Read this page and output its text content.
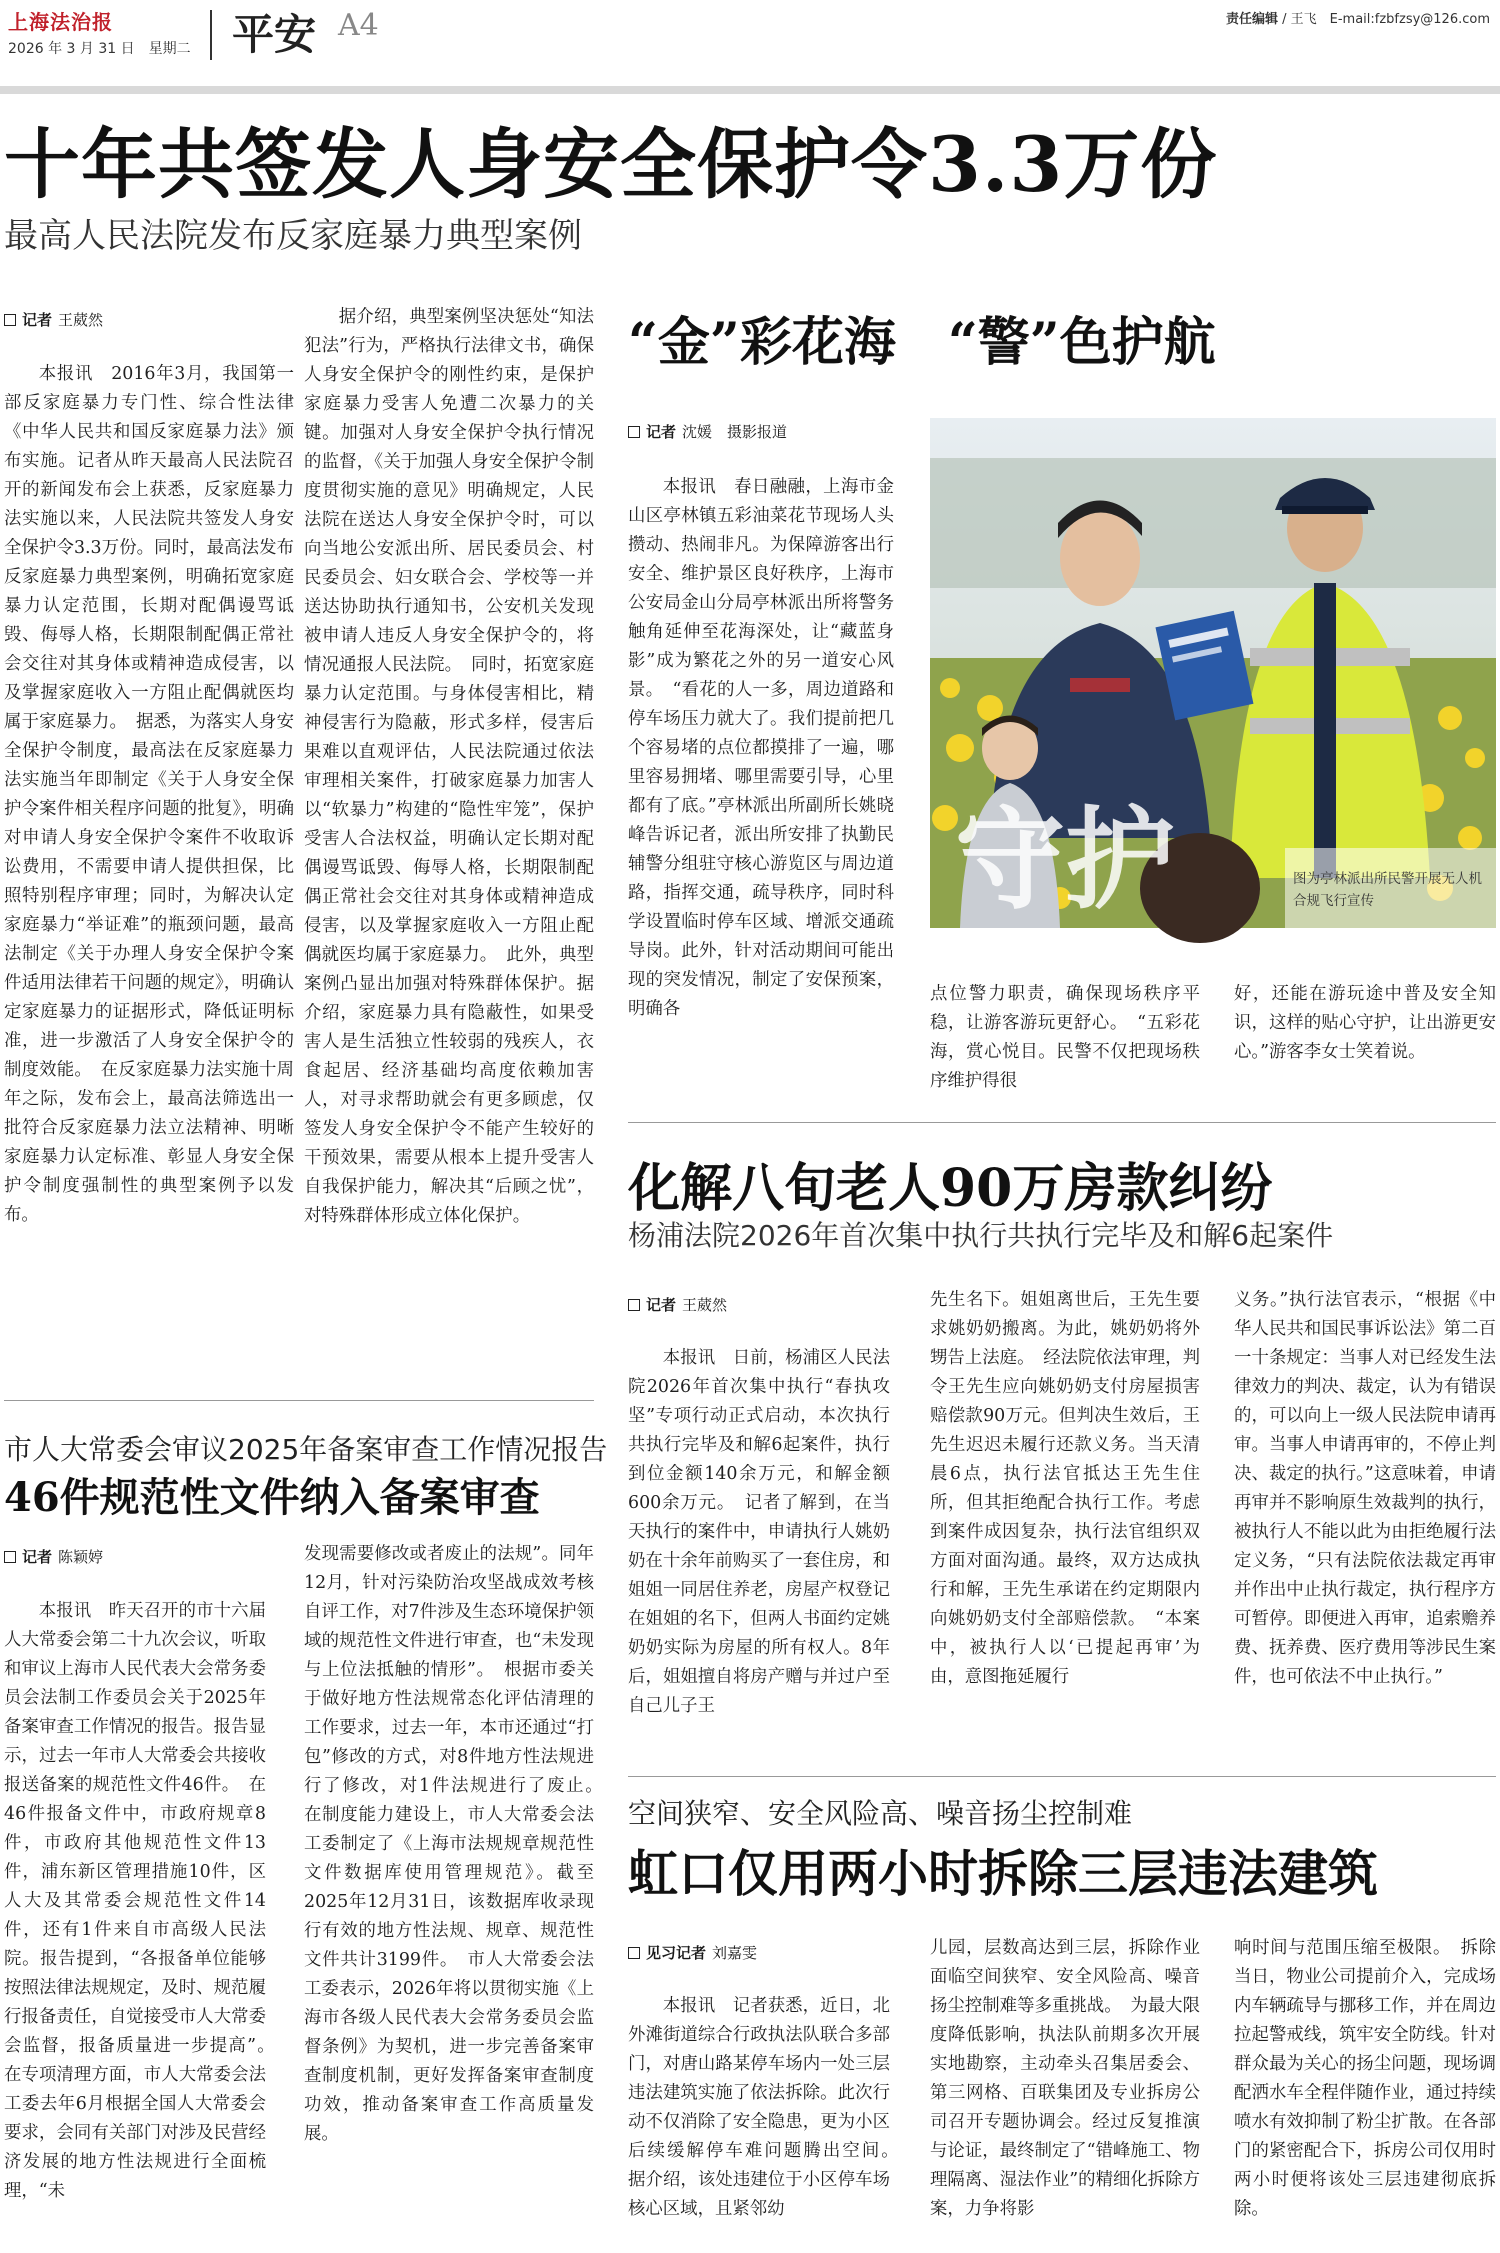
上海法治报
2026 年 3 月 31 日　星期二 平安 A4	责任编辑 / 王飞　E-mail:fzbfzsy@126.com
十年共签发人身安全保护令3.3万份
最高人民法院发布反家庭暴力典型案例
记者 王葳然
本报讯　2016年3月，我国第一部反家庭暴力专门性、综合性法律《中华人民共和国反家庭暴力法》颁布实施。记者从昨天最高人民法院召开的新闻发布会上获悉，反家庭暴力法实施以来，人民法院共签发人身安全保护令3.3万份。同时，最高法发布反家庭暴力典型案例，明确拓宽家庭暴力认定范围，长期对配偶谩骂诋毁、侮辱人格，长期限制配偶正常社会交往对其身体或精神造成侵害，以及掌握家庭收入一方阻止配偶就医均属于家庭暴力。　据悉，为落实人身安全保护令制度，最高法在反家庭暴力法实施当年即制定《关于人身安全保护令案件相关程序问题的批复》，明确对申请人身安全保护令案件不收取诉讼费用，不需要申请人提供担保，比照特别程序审理；同时，为解决认定家庭暴力“举证难”的瓶颈问题，最高法制定《关于办理人身安全保护令案件适用法律若干问题的规定》，明确认定家庭暴力的证据形式，降低证明标准，进一步激活了人身安全保护令的制度效能。　在反家庭暴力法实施十周年之际，发布会上，最高法筛选出一批符合反家庭暴力法立法精神、明晰家庭暴力认定标准、彰显人身安全保护令制度强制性的典型案例予以发布。
据介绍，典型案例坚决惩处“知法犯法”行为，严格执行法律文书，确保人身安全保护令的刚性约束，是保护家庭暴力受害人免遭二次暴力的关键。加强对人身安全保护令执行情况的监督，《关于加强人身安全保护令制度贯彻实施的意见》明确规定，人民法院在送达人身安全保护令时，可以向当地公安派出所、居民委员会、村民委员会、妇女联合会、学校等一并送达协助执行通知书，公安机关发现被申请人违反人身安全保护令的，将情况通报人民法院。　同时，拓宽家庭暴力认定范围。与身体侵害相比，精神侵害行为隐蔽，形式多样，侵害后果难以直观评估，人民法院通过依法审理相关案件，打破家庭暴力加害人以“软暴力”构建的“隐性牢笼”，保护受害人合法权益，明确认定长期对配偶谩骂诋毁、侮辱人格，长期限制配偶正常社会交往对其身体或精神造成侵害，以及掌握家庭收入一方阻止配偶就医均属于家庭暴力。　此外，典型案例凸显出加强对特殊群体保护。据介绍，家庭暴力具有隐蔽性，如果受害人是生活独立性较弱的残疾人，衣食起居、经济基础均高度依赖加害人，对寻求帮助就会有更多顾虑，仅签发人身安全保护令不能产生较好的干预效果，需要从根本上提升受害人自我保护能力，解决其“后顾之忧”，对特殊群体形成立体化保护。
“金”彩花海　“警”色护航
记者 沈媛　摄影报道
本报讯　春日融融，上海市金山区亭林镇五彩油菜花节现场人头攒动、热闹非凡。为保障游客出行安全、维护景区良好秩序，上海市公安局金山分局亭林派出所将警务触角延伸至花海深处，让“藏蓝身影”成为繁花之外的另一道安心风景。　“看花的人一多，周边道路和停车场压力就大了。我们提前把几个容易堵的点位都摸排了一遍，哪里容易拥堵、哪里需要引导，心里都有了底。”亭林派出所副所长姚晓峰告诉记者，派出所安排了执勤民辅警分组驻守核心游览区与周边道路，指挥交通，疏导秩序，同时科学设置临时停车区域、增派交通疏导岗。此外，针对活动期间可能出现的突发情况，制定了安保预案，明确各
守护	图为亭林派出所民警开展无人机合规飞行宣传
点位警力职责，确保现场秩序平稳，让游客游玩更舒心。　“五彩花海，赏心悦目。民警不仅把现场秩序维护得很
好，还能在游玩途中普及安全知识，这样的贴心守护，让出游更安心。”游客李女士笑着说。
化解八旬老人90万房款纠纷
杨浦法院2026年首次集中执行共执行完毕及和解6起案件
记者 王葳然
本报讯　日前，杨浦区人民法院2026年首次集中执行“春执攻坚”专项行动正式启动，本次执行共执行完毕及和解6起案件，执行到位金额140余万元，和解金额600余万元。　记者了解到，在当天执行的案件中，申请执行人姚奶奶在十余年前购买了一套住房，和姐姐一同居住养老，房屋产权登记在姐姐的名下，但两人书面约定姚奶奶实际为房屋的所有权人。8年后，姐姐擅自将房产赠与并过户至自己儿子王
先生名下。姐姐离世后，王先生要求姚奶奶搬离。为此，姚奶奶将外甥告上法庭。　经法院依法审理，判令王先生应向姚奶奶支付房屋损害赔偿款90万元。但判决生效后，王先生迟迟未履行还款义务。当天清晨6点，执行法官抵达王先生住所，但其拒绝配合执行工作。考虑到案件成因复杂，执行法官组织双方面对面沟通。最终，双方达成执行和解，王先生承诺在约定期限内向姚奶奶支付全部赔偿款。　“本案中，被执行人以‘已提起再审’为由，意图拖延履行
义务。”执行法官表示，“根据《中华人民共和国民事诉讼法》第二百一十条规定：当事人对已经发生法律效力的判决、裁定，认为有错误的，可以向上一级人民法院申请再审。当事人申请再审的，不停止判决、裁定的执行。”这意味着，申请再审并不影响原生效裁判的执行，被执行人不能以此为由拒绝履行法定义务，“只有法院依法裁定再审并作出中止执行裁定，执行程序方可暂停。即便进入再审，追索赡养费、抚养费、医疗费用等涉民生案件，也可依法不中止执行。”
市人大常委会审议2025年备案审查工作情况报告
46件规范性文件纳入备案审查
记者 陈颖婷
本报讯　昨天召开的市十六届人大常委会第二十九次会议，听取和审议上海市人民代表大会常务委员会法制工作委员会关于2025年备案审查工作情况的报告。报告显示，过去一年市人大常委会共接收报送备案的规范性文件46件。　在46件报备文件中，市政府规章8件，市政府其他规范性文件13件，浦东新区管理措施10件，区人大及其常委会规范性文件14件，还有1件来自市高级人民法院。报告提到，“各报备单位能够按照法律法规规定，及时、规范履行报备责任，自觉接受市人大常委会监督，报备质量进一步提高”。　在专项清理方面，市人大常委会法工委去年6月根据全国人大常委会要求，会同有关部门对涉及民营经济发展的地方性法规进行全面梳理，“未
发现需要修改或者废止的法规”。同年12月，针对污染防治攻坚战成效考核自评工作，对7件涉及生态环境保护领域的规范性文件进行审查，也“未发现与上位法抵触的情形”。　根据市委关于做好地方性法规常态化评估清理的工作要求，过去一年，本市还通过“打包”修改的方式，对8件地方性法规进行了修改，对1件法规进行了废止。　在制度能力建设上，市人大常委会法工委制定了《上海市法规规章规范性文件数据库使用管理规范》。截至2025年12月31日，该数据库收录现行有效的地方性法规、规章、规范性文件共计3199件。　市人大常委会法工委表示，2026年将以贯彻实施《上海市各级人民代表大会常务委员会监督条例》为契机，进一步完善备案审查制度机制，更好发挥备案审查制度功效，推动备案审查工作高质量发展。
空间狭窄、安全风险高、噪音扬尘控制难
虹口仅用两小时拆除三层违法建筑
见习记者 刘嘉雯
本报讯　记者获悉，近日，北外滩街道综合行政执法队联合多部门，对唐山路某停车场内一处三层违法建筑实施了依法拆除。此次行动不仅消除了安全隐患，更为小区后续缓解停车难问题腾出空间。　据介绍，该处违建位于小区停车场核心区域，且紧邻幼
儿园，层数高达到三层，拆除作业面临空间狭窄、安全风险高、噪音扬尘控制难等多重挑战。　为最大限度降低影响，执法队前期多次开展实地勘察，主动牵头召集居委会、第三网格、百联集团及专业拆房公司召开专题协调会。经过反复推演与论证，最终制定了“错峰施工、物理隔离、湿法作业”的精细化拆除方案，力争将影
响时间与范围压缩至极限。　拆除当日，物业公司提前介入，完成场内车辆疏导与挪移工作，并在周边拉起警戒线，筑牢安全防线。针对群众最为关心的扬尘问题，现场调配洒水车全程伴随作业，通过持续喷水有效抑制了粉尘扩散。在各部门的紧密配合下，拆房公司仅用时两小时便将该处三层违建彻底拆除。
